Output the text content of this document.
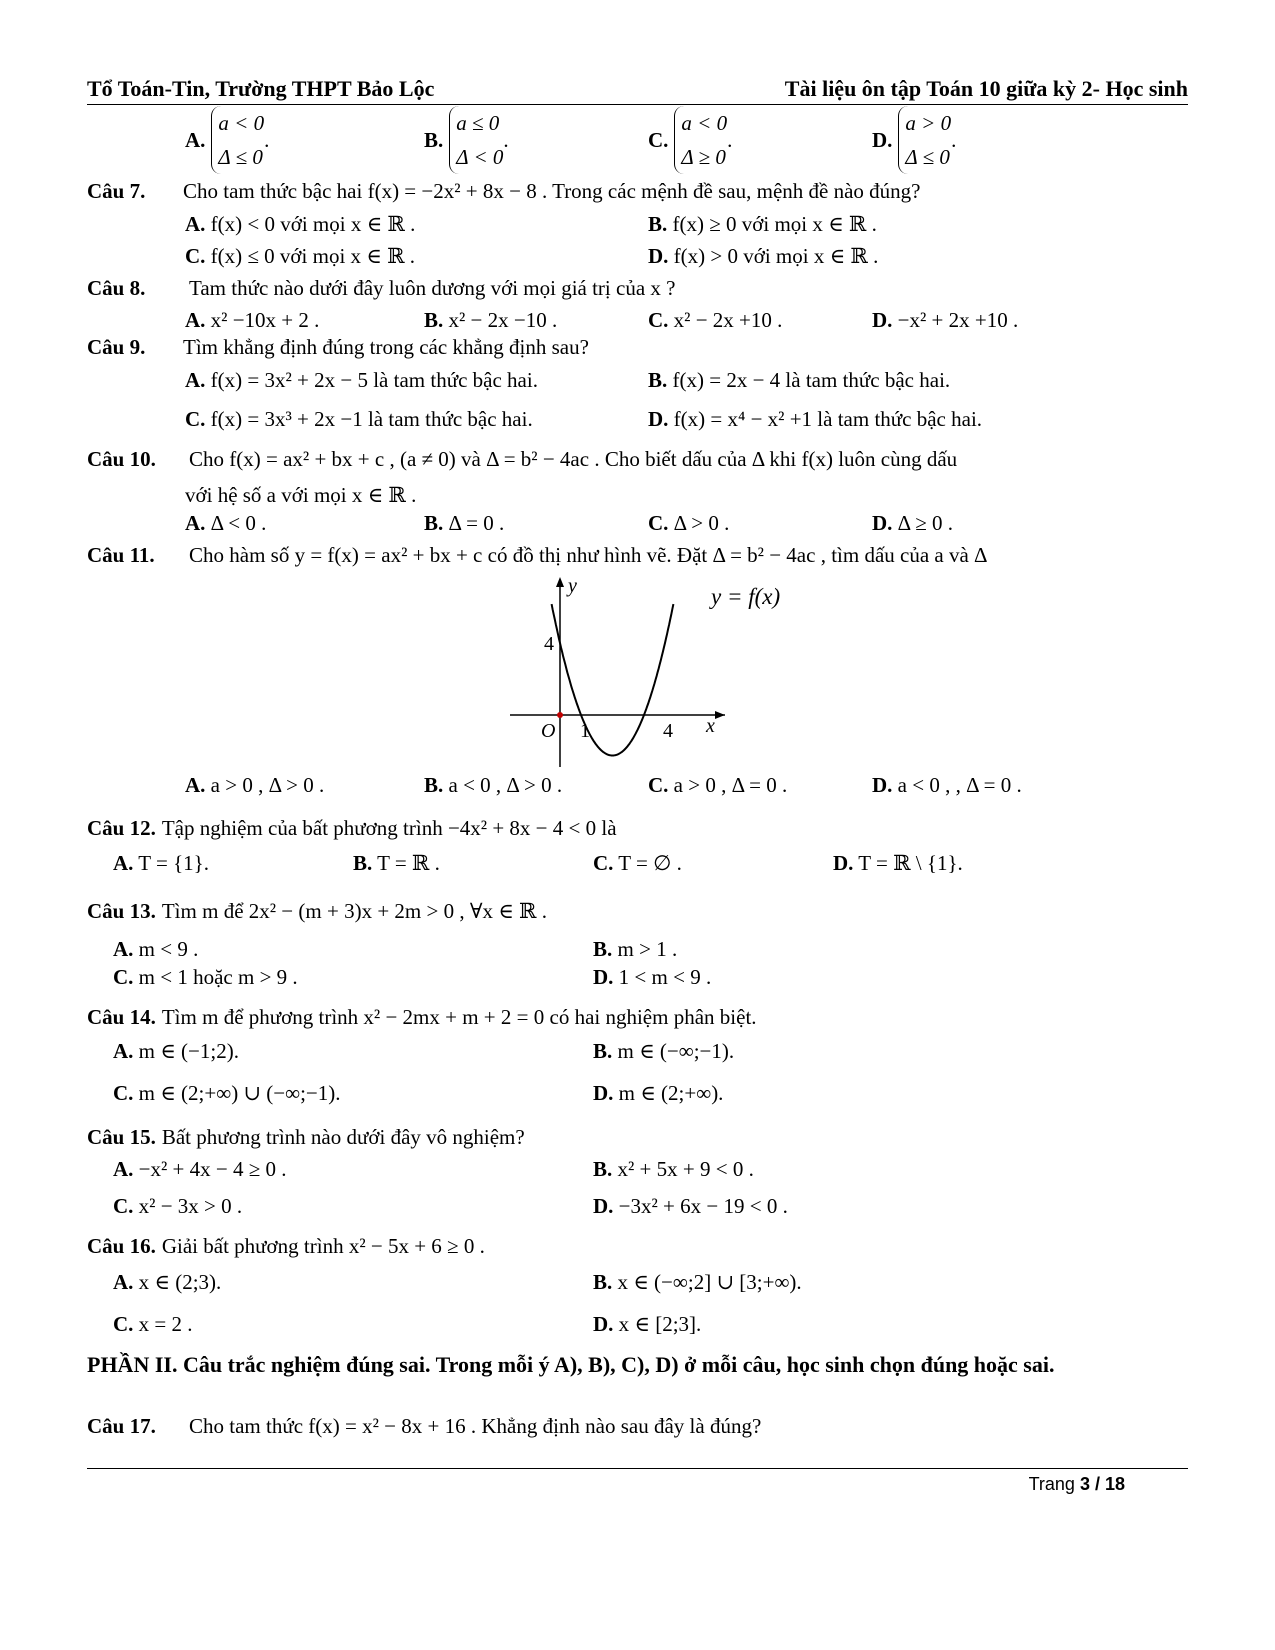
Tổ Toán-Tin, Trường THPT Bảo Lộc	Tài liệu ôn tập Toán 10 giữa kỳ 2- Học sinh
A.
a < 0
Δ ≤ 0
.	B.
a ≤ 0
Δ < 0
.	C.
a < 0
Δ ≥ 0
.	D.
a > 0
Δ ≤ 0
.
Câu 7. Cho tam thức bậc hai f(x) = −2x² + 8x − 8 . Trong các mệnh đề sau, mệnh đề nào đúng?
A. f(x) < 0 với mọi x ∈ ℝ .	B. f(x) ≥ 0 với mọi x ∈ ℝ .
C. f(x) ≤ 0 với mọi x ∈ ℝ .	D. f(x) > 0 với mọi x ∈ ℝ .
Câu 8. Tam thức nào dưới đây luôn dương với mọi giá trị của x ?
A. x² −10x + 2 .	B. x² − 2x −10 .	C. x² − 2x +10 .	D. −x² + 2x +10 .
Câu 9. Tìm khẳng định đúng trong các khẳng định sau?
A. f(x) = 3x² + 2x − 5 là tam thức bậc hai.	B. f(x) = 2x − 4 là tam thức bậc hai.
C. f(x) = 3x³ + 2x −1 là tam thức bậc hai.	D. f(x) = x⁴ − x² +1 là tam thức bậc hai.
Câu 10. Cho f(x) = ax² + bx + c , (a ≠ 0) và Δ = b² − 4ac . Cho biết dấu của Δ khi f(x) luôn cùng dấu
với hệ số a với mọi x ∈ ℝ .
A. Δ < 0 .	B. Δ = 0 .	C. Δ > 0 .	D. Δ ≥ 0 .
Câu 11. Cho hàm số y = f(x) = ax² + bx + c có đồ thị như hình vẽ. Đặt Δ = b² − 4ac , tìm dấu của a và Δ
y
x
O
4
1	4
y = f(x)
A. a > 0 , Δ > 0 .	B. a < 0 , Δ > 0 .	C. a > 0 , Δ = 0 .	D. a < 0 , , Δ = 0 .
Câu 12. Tập nghiệm của bất phương trình −4x² + 8x − 4 < 0 là
A. T = {1}.	B. T = ℝ .	C. T = ∅ .	D. T = ℝ \ {1}.
Câu 13. Tìm m để 2x² − (m + 3)x + 2m > 0 , ∀x ∈ ℝ .
A. m < 9 .	B. m > 1 .
C. m < 1 hoặc m > 9 .	D. 1 < m < 9 .
Câu 14. Tìm m để phương trình x² − 2mx + m + 2 = 0 có hai nghiệm phân biệt.
A. m ∈ (−1;2).	B. m ∈ (−∞;−1).
C. m ∈ (2;+∞) ∪ (−∞;−1).	D. m ∈ (2;+∞).
Câu 15. Bất phương trình nào dưới đây vô nghiệm?
A. −x² + 4x − 4 ≥ 0 .	B. x² + 5x + 9 < 0 .
C. x² − 3x > 0 .	D. −3x² + 6x − 19 < 0 .
Câu 16. Giải bất phương trình x² − 5x + 6 ≥ 0 .
A. x ∈ (2;3).	B. x ∈ (−∞;2] ∪ [3;+∞).
C. x = 2 .	D. x ∈ [2;3].
PHẦN II. Câu trắc nghiệm đúng sai. Trong mỗi ý A), B), C), D) ở mỗi câu, học sinh chọn đúng hoặc sai.
Câu 17. Cho tam thức f(x) = x² − 8x + 16 . Khẳng định nào sau đây là đúng?
Trang 3 / 18
